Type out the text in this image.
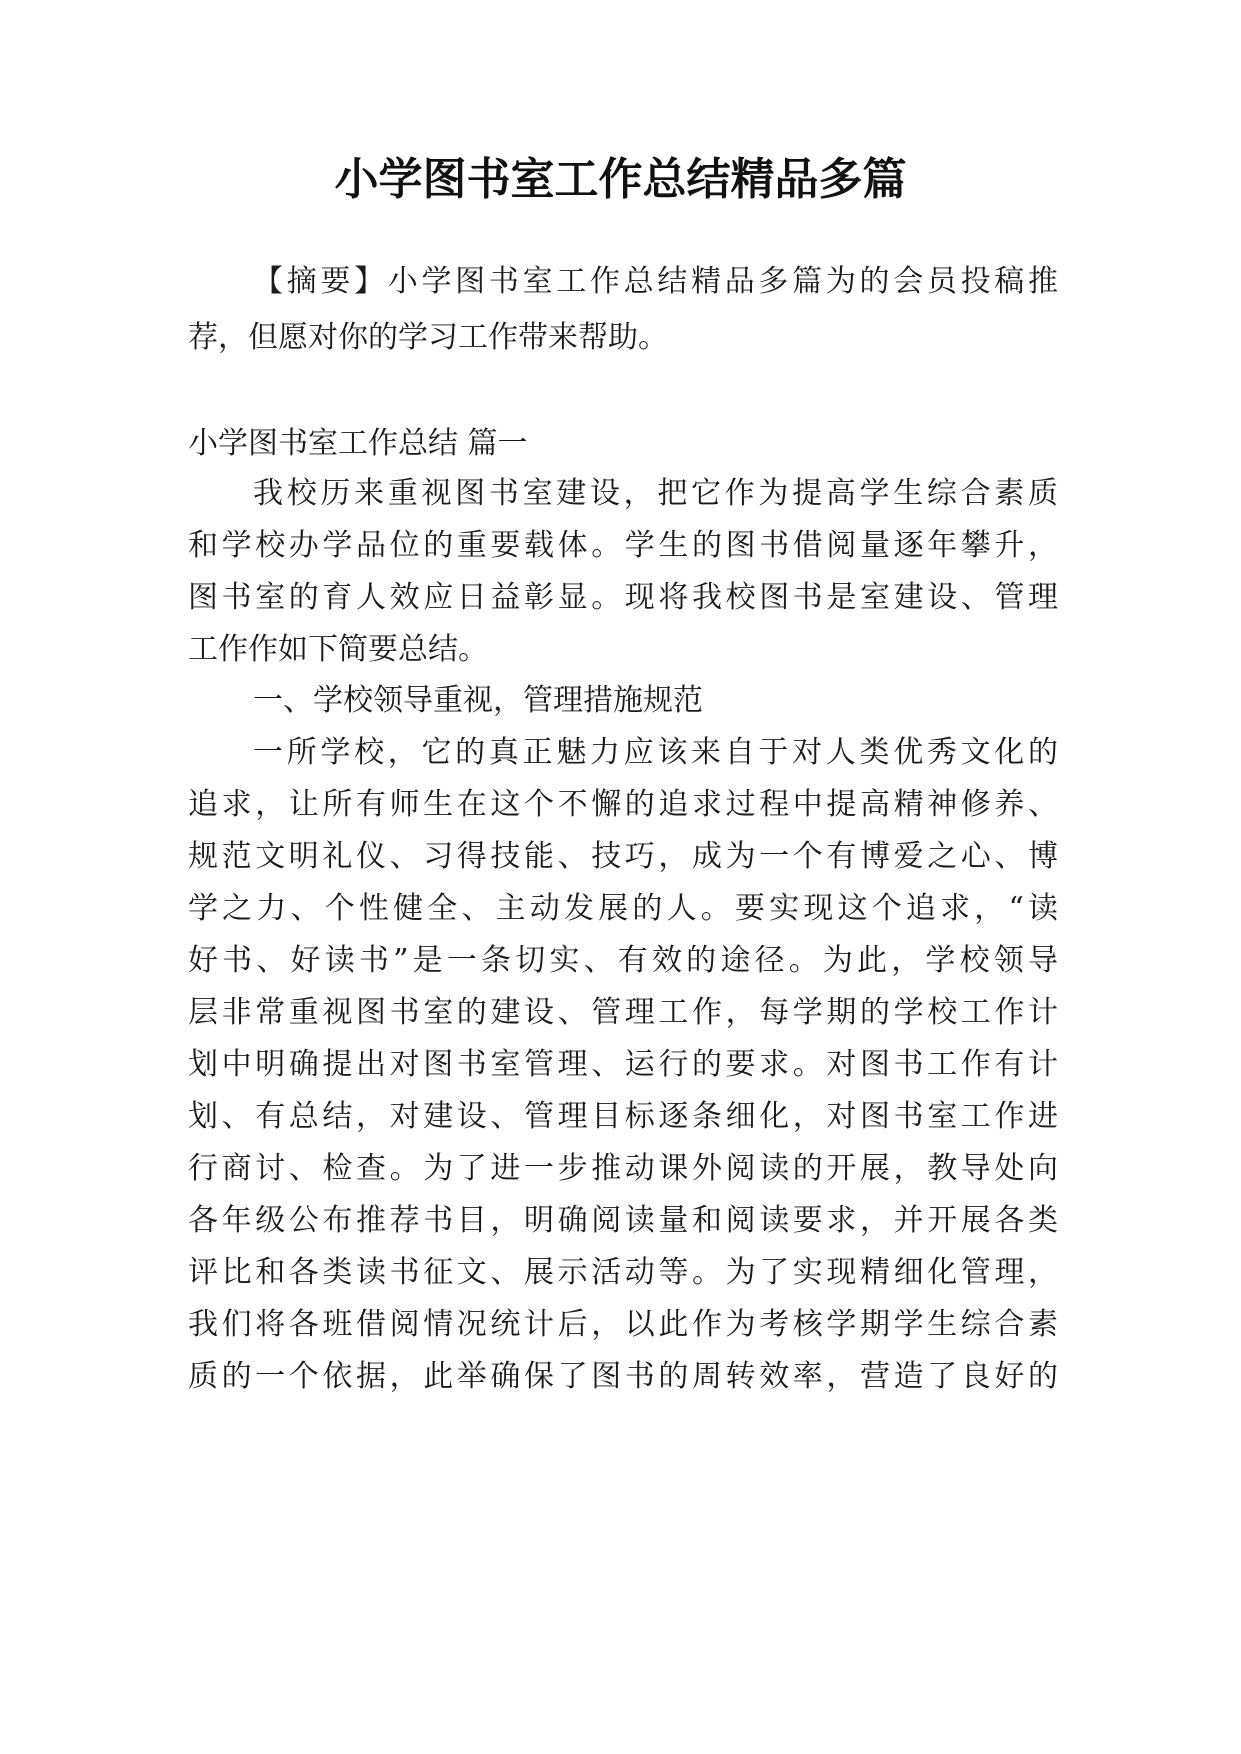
小学图书室工作总结精品多篇
【摘要】小学图书室工作总结精品多篇为的会员投稿推
荐，但愿对你的学习工作带来帮助。
小学图书室工作总结 篇一
我校历来重视图书室建设，把它作为提高学生综合素质
和学校办学品位的重要载体。学生的图书借阅量逐年攀升，
图书室的育人效应日益彰显。现将我校图书是室建设、管理
工作作如下简要总结。
一、学校领导重视，管理措施规范
一所学校，它的真正魅力应该来自于对人类优秀文化的
追求，让所有师生在这个不懈的追求过程中提高精神修养、
规范文明礼仪、习得技能、技巧，成为一个有博爱之心、博
学之力、个性健全、主动发展的人。要实现这个追求，“读
好书、好读书”是一条切实、有效的途径。为此，学校领导
层非常重视图书室的建设、管理工作，每学期的学校工作计
划中明确提出对图书室管理、运行的要求。对图书工作有计
划、有总结，对建设、管理目标逐条细化，对图书室工作进
行商讨、检查。为了进一步推动课外阅读的开展，教导处向
各年级公布推荐书目，明确阅读量和阅读要求，并开展各类
评比和各类读书征文、展示活动等。为了实现精细化管理，
我们将各班借阅情况统计后，以此作为考核学期学生综合素
质的一个依据，此举确保了图书的周转效率，营造了良好的
